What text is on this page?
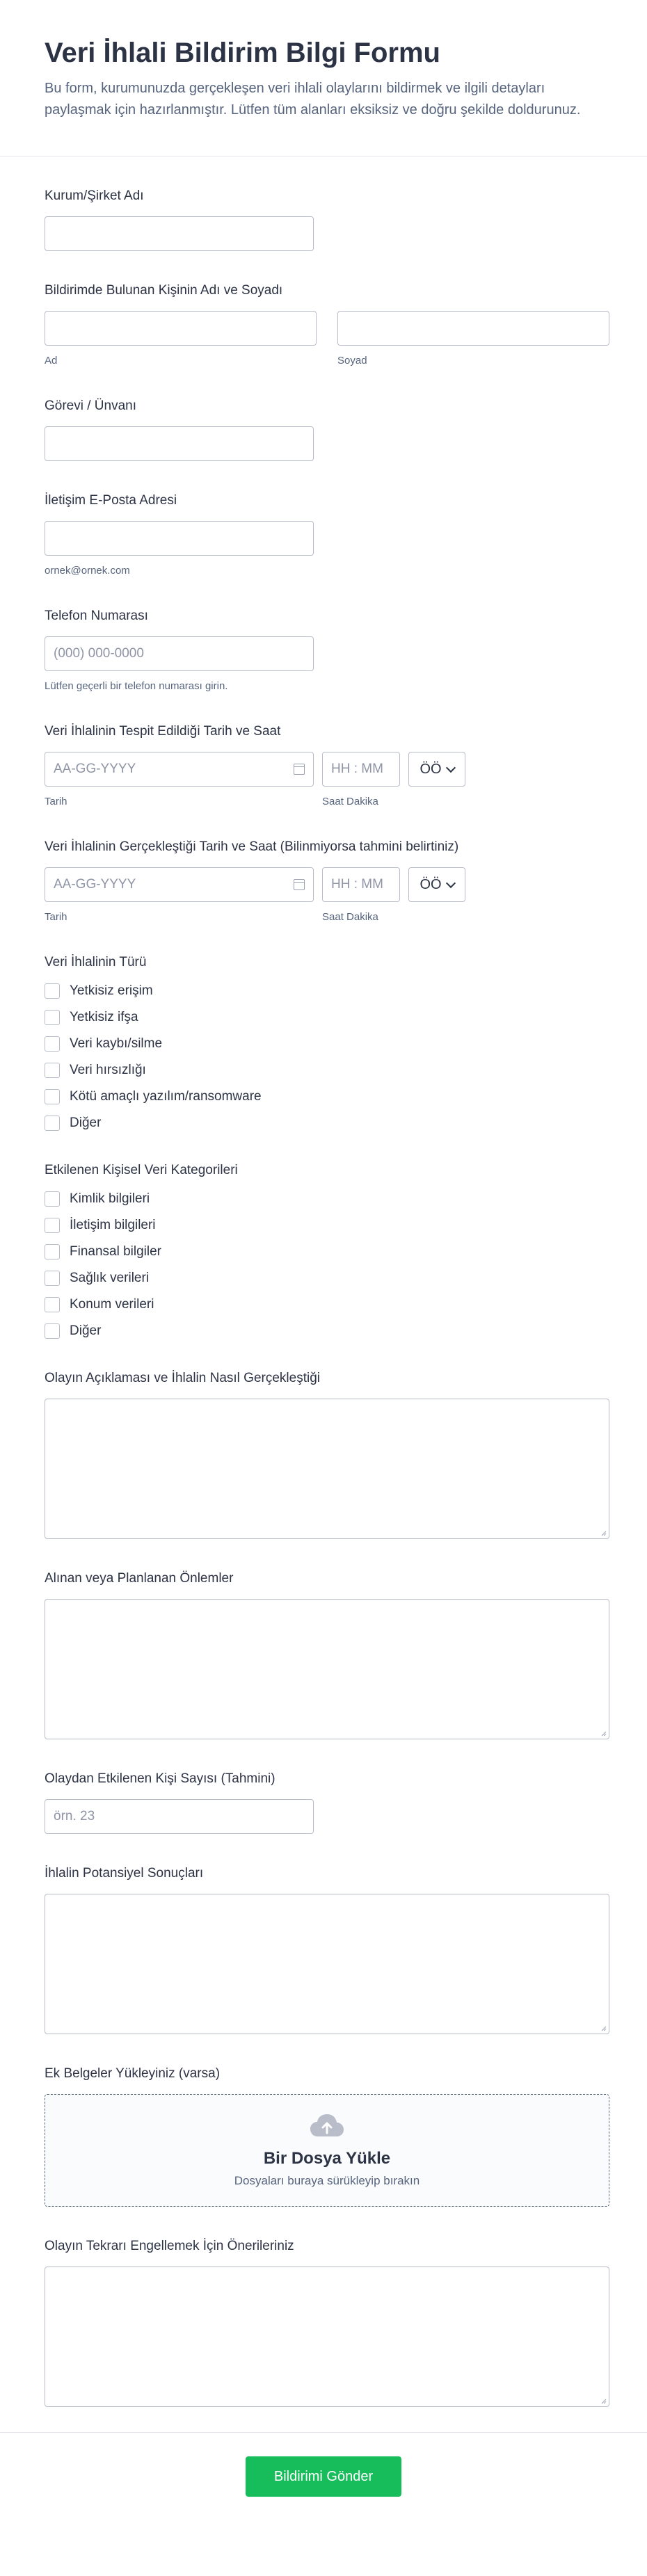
Veri İhlali Bildirim Bilgi Formu

Bu form, kurumunuzda gerçekleşen veri ihlali olaylarını bildirmek ve ilgili detayları paylaşmak için hazırlanmıştır. Lütfen tüm alanları eksiksiz ve doğru şekilde doldurunuz.

Kurum/Şirket Adı
Bildirimde Bulunan Kişinin Adı ve Soyadı
Ad	Soyad
Görevi / Ünvanı
İletişim E-Posta Adresi
ornek@ornek.com
Telefon Numarası
(000) 000-0000
Lütfen geçerli bir telefon numarası girin.
Veri İhlalinin Tespit Edildiği Tarih ve Saat
AA-GG-YYYY
Tarih
HH : MM
Saat Dakika
ÖÖ
Veri İhlalinin Gerçekleştiği Tarih ve Saat (Bilinmiyorsa tahmini belirtiniz)
AA-GG-YYYY
Tarih
HH : MM
Saat Dakika
ÖÖ
Veri İhlalinin Türü
Yetkisiz erişim
Yetkisiz ifşa
Veri kaybı/silme
Veri hırsızlığı
Kötü amaçlı yazılım/ransomware
Diğer
Etkilenen Kişisel Veri Kategorileri
Kimlik bilgileri
İletişim bilgileri
Finansal bilgiler
Sağlık verileri
Konum verileri
Diğer
Olayın Açıklaması ve İhlalin Nasıl Gerçekleştiği
Alınan veya Planlanan Önlemler
Olaydan Etkilenen Kişi Sayısı (Tahmini)
örn. 23
İhlalin Potansiyel Sonuçları
Ek Belgeler Yükleyiniz (varsa)
Bir Dosya Yükle
Dosyaları buraya sürükleyip bırakın
Olayın Tekrarı Engellemek İçin Önerileriniz
Bildirimi Gönder
